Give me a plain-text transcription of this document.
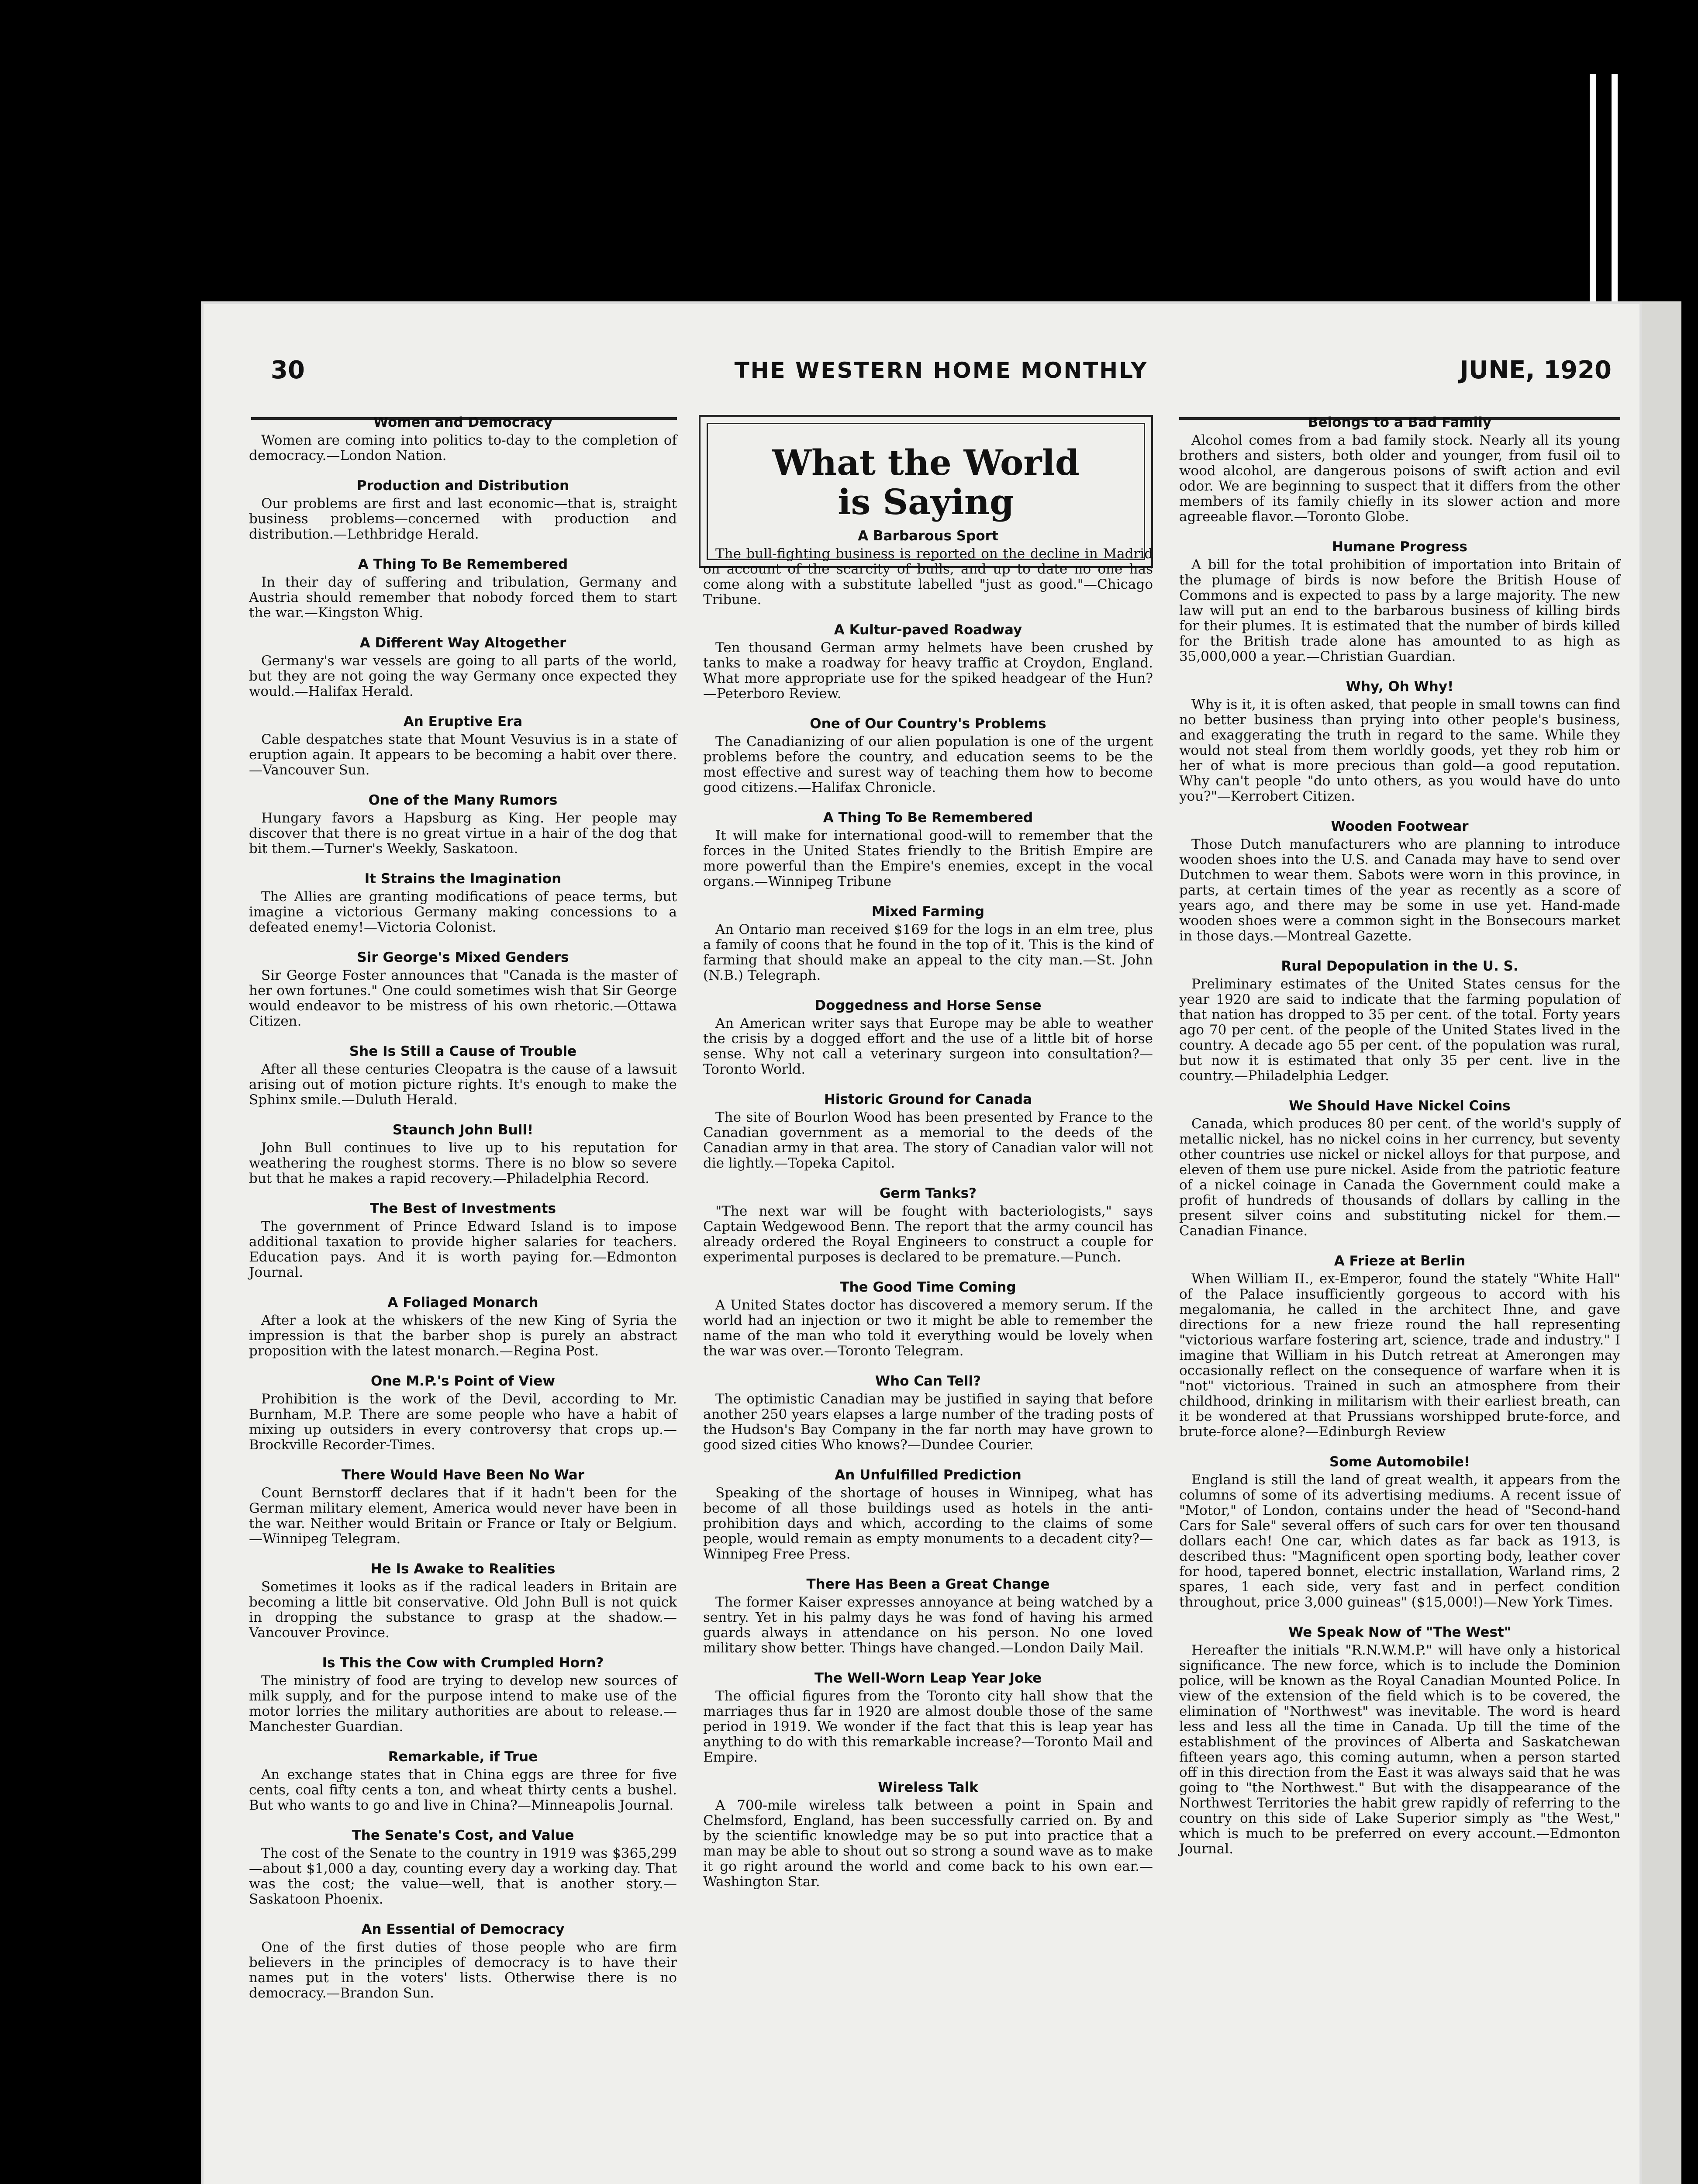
30	THE WESTERN HOME MONTHLY	JUNE, 1920
What the World
is Saying
Women and Democracy

Women are coming into politics to-day to the completion of democracy.—London Nation.

Production and Distribution

Our problems are first and last economic—that is, straight business problems—concerned with production and distribution.—Lethbridge Herald.

A Thing To Be Remembered

In their day of suffering and tribulation, Germany and Austria should remember that nobody forced them to start the war.—Kingston Whig.

A Different Way Altogether

Germany's war vessels are going to all parts of the world, but they are not going the way Germany once expected they would.—Halifax Herald.

An Eruptive Era

Cable despatches state that Mount Vesuvius is in a state of eruption again. It appears to be becoming a habit over there.—Vancouver Sun.

One of the Many Rumors

Hungary favors a Hapsburg as King. Her people may discover that there is no great virtue in a hair of the dog that bit them.—Turner's Weekly, Saskatoon.

It Strains the Imagination

The Allies are granting modifications of peace terms, but imagine a victorious Germany making concessions to a defeated enemy!—Victoria Colonist.

Sir George's Mixed Genders

Sir George Foster announces that "Canada is the master of her own fortunes." One could sometimes wish that Sir George would endeavor to be mistress of his own rhetoric.—Ottawa Citizen.

She Is Still a Cause of Trouble

After all these centuries Cleopatra is the cause of a lawsuit arising out of motion picture rights. It's enough to make the Sphinx smile.—Duluth Herald.

Staunch John Bull!

John Bull continues to live up to his reputation for weathering the roughest storms. There is no blow so severe but that he makes a rapid recovery.—Philadelphia Record.

The Best of Investments

The government of Prince Edward Island is to impose additional taxation to provide higher salaries for teachers. Education pays. And it is worth paying for.—Edmonton Journal.

A Foliaged Monarch

After a look at the whiskers of the new King of Syria the impression is that the barber shop is purely an abstract proposition with the latest monarch.—Regina Post.

One M.P.'s Point of View

Prohibition is the work of the Devil, according to Mr. Burnham, M.P. There are some people who have a habit of mixing up outsiders in every controversy that crops up.—Brockville Recorder-Times.

There Would Have Been No War

Count Bernstorff declares that if it hadn't been for the German military element, America would never have been in the war. Neither would Britain or France or Italy or Belgium.—Winnipeg Telegram.

He Is Awake to Realities

Sometimes it looks as if the radical leaders in Britain are becoming a little bit conservative. Old John Bull is not quick in dropping the substance to grasp at the shadow.—Vancouver Province.

Is This the Cow with Crumpled Horn?

The ministry of food are trying to develop new sources of milk supply, and for the purpose intend to make use of the motor lorries the military authorities are about to release.—Manchester Guardian.

Remarkable, if True

An exchange states that in China eggs are three for five cents, coal fifty cents a ton, and wheat thirty cents a bushel. But who wants to go and live in China?—Minneapolis Journal.

The Senate's Cost, and Value

The cost of the Senate to the country in 1919 was $365,299—about $1,000 a day, counting every day a working day. That was the cost; the value—well, that is another story.—Saskatoon Phoenix.

An Essential of Democracy

One of the first duties of those people who are firm believers in the principles of democracy is to have their names put in the voters' lists. Otherwise there is no democracy.—Brandon Sun.

A Barbarous Sport

The bull-fighting business is reported on the decline in Madrid on account of the scarcity of bulls, and up to date no one has come along with a substitute labelled "just as good."—Chicago Tribune.

A Kultur-paved Roadway

Ten thousand German army helmets have been crushed by tanks to make a roadway for heavy traffic at Croydon, England. What more appropriate use for the spiked headgear of the Hun?—Peterboro Review.

One of Our Country's Problems

The Canadianizing of our alien population is one of the urgent problems before the country, and education seems to be the most effective and surest way of teaching them how to become good citizens.—Halifax Chronicle.

A Thing To Be Remembered

It will make for international good-will to remember that the forces in the United States friendly to the British Empire are more powerful than the Empire's enemies, except in the vocal organs.—Winnipeg Tribune

Mixed Farming

An Ontario man received $169 for the logs in an elm tree, plus a family of coons that he found in the top of it. This is the kind of farming that should make an appeal to the city man.—St. John (N.B.) Telegraph.

Doggedness and Horse Sense

An American writer says that Europe may be able to weather the crisis by a dogged effort and the use of a little bit of horse sense. Why not call a veterinary surgeon into consultation?—Toronto World.

Historic Ground for Canada

The site of Bourlon Wood has been presented by France to the Canadian government as a memorial to the deeds of the Canadian army in that area. The story of Canadian valor will not die lightly.—Topeka Capitol.

Germ Tanks?

"The next war will be fought with bacteriologists," says Captain Wedgewood Benn. The report that the army council has already ordered the Royal Engineers to construct a couple for experimental purposes is declared to be premature.—Punch.

The Good Time Coming

A United States doctor has discovered a memory serum. If the world had an injection or two it might be able to remember the name of the man who told it everything would be lovely when the war was over.—Toronto Telegram.

Who Can Tell?

The optimistic Canadian may be justified in saying that before another 250 years elapses a large number of the trading posts of the Hudson's Bay Company in the far north may have grown to good sized cities Who knows?—Dundee Courier.

An Unfulfilled Prediction

Speaking of the shortage of houses in Winnipeg, what has become of all those buildings used as hotels in the anti-prohibition days and which, according to the claims of some people, would remain as empty monuments to a decadent city?—Winnipeg Free Press.

There Has Been a Great Change

The former Kaiser expresses annoyance at being watched by a sentry. Yet in his palmy days he was fond of having his armed guards always in attendance on his person. No one loved military show better. Things have changed.—London Daily Mail.

The Well-Worn Leap Year Joke

The official figures from the Toronto city hall show that the marriages thus far in 1920 are almost double those of the same period in 1919. We wonder if the fact that this is leap year has anything to do with this remarkable increase?—Toronto Mail and Empire.

Wireless Talk

A 700-mile wireless talk between a point in Spain and Chelmsford, England, has been successfully carried on. By and by the scientific knowledge may be so put into practice that a man may be able to shout out so strong a sound wave as to make it go right around the world and come back to his own ear.—Washington Star.

Belongs to a Bad Family

Alcohol comes from a bad family stock. Nearly all its young brothers and sisters, both older and younger, from fusil oil to wood alcohol, are dangerous poisons of swift action and evil odor. We are beginning to suspect that it differs from the other members of its family chiefly in its slower action and more agreeable flavor.—Toronto Globe.

Humane Progress

A bill for the total prohibition of importation into Britain of the plumage of birds is now before the British House of Commons and is expected to pass by a large majority. The new law will put an end to the barbarous business of killing birds for their plumes. It is estimated that the number of birds killed for the British trade alone has amounted to as high as 35,000,000 a year.—Christian Guardian.

Why, Oh Why!

Why is it, it is often asked, that people in small towns can find no better business than prying into other people's business, and exaggerating the truth in regard to the same. While they would not steal from them worldly goods, yet they rob him or her of what is more precious than gold—a good reputation. Why can't people "do unto others, as you would have do unto you?"—Kerrobert Citizen.

Wooden Footwear

Those Dutch manufacturers who are planning to introduce wooden shoes into the U.S. and Canada may have to send over Dutchmen to wear them. Sabots were worn in this province, in parts, at certain times of the year as recently as a score of years ago, and there may be some in use yet. Hand-made wooden shoes were a common sight in the Bonsecours market in those days.—Montreal Gazette.

Rural Depopulation in the U. S.

Preliminary estimates of the United States census for the year 1920 are said to indicate that the farming population of that nation has dropped to 35 per cent. of the total. Forty years ago 70 per cent. of the people of the United States lived in the country. A decade ago 55 per cent. of the population was rural, but now it is estimated that only 35 per cent. live in the country.—Philadelphia Ledger.

We Should Have Nickel Coins

Canada, which produces 80 per cent. of the world's supply of metallic nickel, has no nickel coins in her currency, but seventy other countries use nickel or nickel alloys for that purpose, and eleven of them use pure nickel. Aside from the patriotic feature of a nickel coinage in Canada the Government could make a profit of hundreds of thousands of dollars by calling in the present silver coins and substituting nickel for them.—Canadian Finance.

A Frieze at Berlin

When William II., ex-Emperor, found the stately "White Hall" of the Palace insufficiently gorgeous to accord with his megalomania, he called in the architect Ihne, and gave directions for a new frieze round the hall representing "victorious warfare fostering art, science, trade and industry." I imagine that William in his Dutch retreat at Amerongen may occasionally reflect on the consequence of warfare when it is "not" victorious. Trained in such an atmosphere from their childhood, drinking in militarism with their earliest breath, can it be wondered at that Prussians worshipped brute-force, and brute-force alone?—Edinburgh Review

Some Automobile!

England is still the land of great wealth, it appears from the columns of some of its advertising mediums. A recent issue of "Motor," of London, contains under the head of "Second-hand Cars for Sale" several offers of such cars for over ten thousand dollars each! One car, which dates as far back as 1913, is described thus: "Magnificent open sporting body, leather cover for hood, tapered bonnet, electric installation, Warland rims, 2 spares, 1 each side, very fast and in perfect condition throughout, price 3,000 guineas" ($15,000!)—New York Times.

We Speak Now of "The West"

Hereafter the initials "R.N.W.M.P." will have only a historical significance. The new force, which is to include the Dominion police, will be known as the Royal Canadian Mounted Police. In view of the extension of the field which is to be covered, the elimination of "Northwest" was inevitable. The word is heard less and less all the time in Canada. Up till the time of the establishment of the provinces of Alberta and Saskatchewan fifteen years ago, this coming autumn, when a person started off in this direction from the East it was always said that he was going to "the Northwest." But with the disappearance of the Northwest Territories the habit grew rapidly of referring to the country on this side of Lake Superior simply as "the West," which is much to be preferred on every account.—Edmonton Journal.
